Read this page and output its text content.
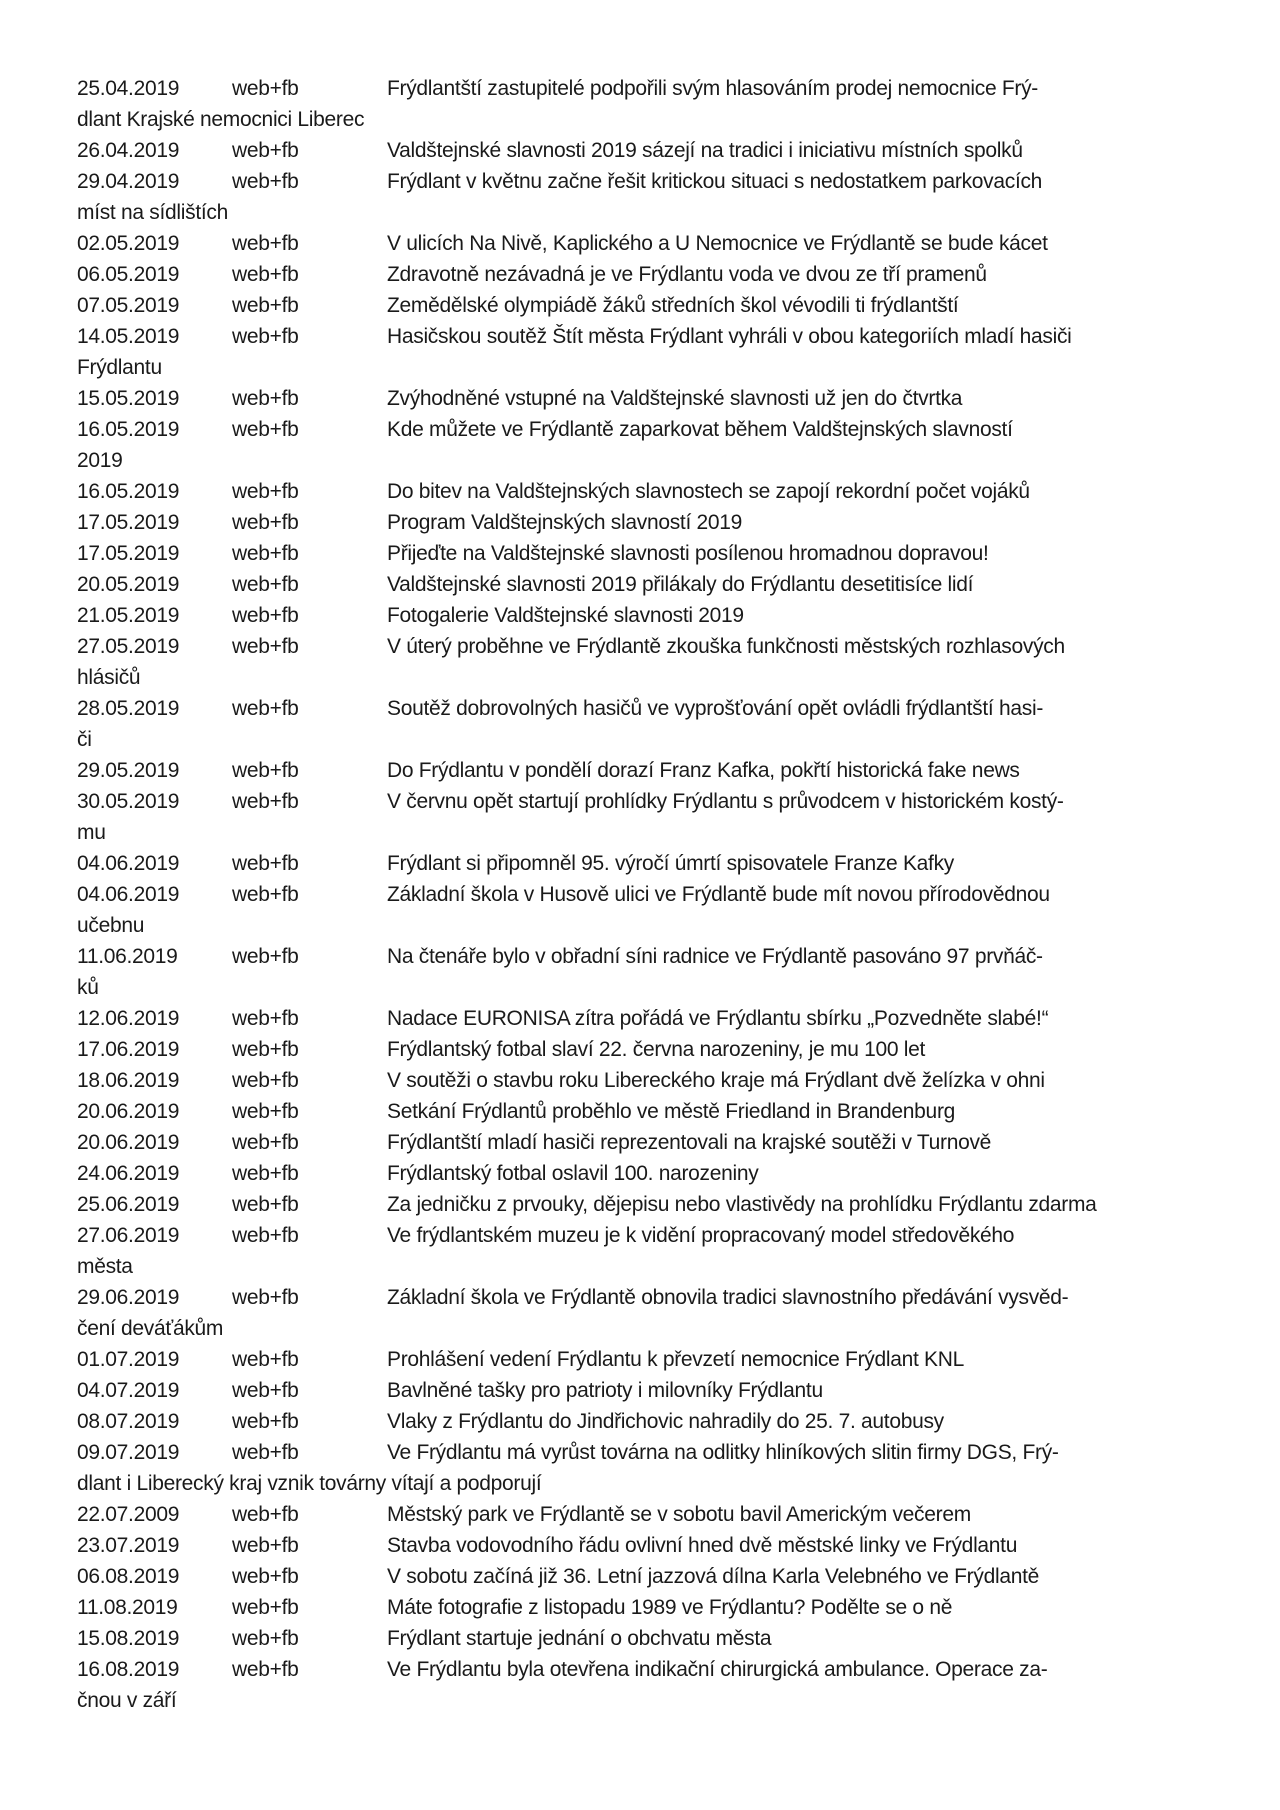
25.04.2019	web+fb	Frýdlantští zastupitelé podpořili svým hlasováním prodej nemocnice Frý-
dlant Krajské nemocnici Liberec
26.04.2019	web+fb	Valdštejnské slavnosti 2019 sázejí na tradici i iniciativu místních spolků
29.04.2019	web+fb	Frýdlant v květnu začne řešit kritickou situaci s nedostatkem parkovacích
míst na sídlištích
02.05.2019	web+fb	V ulicích Na Nivě, Kaplického a U Nemocnice ve Frýdlantě se bude kácet
06.05.2019	web+fb	Zdravotně nezávadná je ve Frýdlantu voda ve dvou ze tří pramenů
07.05.2019	web+fb	Zemědělské olympiádě žáků středních škol vévodili ti frýdlantští
14.05.2019	web+fb	Hasičskou soutěž Štít města Frýdlant vyhráli v obou kategoriích mladí hasiči
Frýdlantu
15.05.2019	web+fb	Zvýhodněné vstupné na Valdštejnské slavnosti už jen do čtvrtka
16.05.2019	web+fb	Kde můžete ve Frýdlantě zaparkovat během Valdštejnských slavností
2019
16.05.2019	web+fb	Do bitev na Valdštejnských slavnostech se zapojí rekordní počet vojáků
17.05.2019	web+fb	Program Valdštejnských slavností 2019
17.05.2019	web+fb	Přijeďte na Valdštejnské slavnosti posílenou hromadnou dopravou!
20.05.2019	web+fb	Valdštejnské slavnosti 2019 přilákaly do Frýdlantu desetitisíce lidí
21.05.2019	web+fb	Fotogalerie Valdštejnské slavnosti 2019
27.05.2019	web+fb	V úterý proběhne ve Frýdlantě zkouška funkčnosti městských rozhlasových
hlásičů
28.05.2019	web+fb	Soutěž dobrovolných hasičů ve vyprošťování opět ovládli frýdlantští hasi-
či
29.05.2019	web+fb	Do Frýdlantu v pondělí dorazí Franz Kafka, pokřtí historická fake news
30.05.2019	web+fb	V červnu opět startují prohlídky Frýdlantu s průvodcem v historickém kostý-
mu
04.06.2019	web+fb	Frýdlant si připomněl 95. výročí úmrtí spisovatele Franze Kafky
04.06.2019	web+fb	Základní škola v Husově ulici ve Frýdlantě bude mít novou přírodovědnou
učebnu
11.06.2019	web+fb	Na čtenáře bylo v obřadní síni radnice ve Frýdlantě pasováno 97 prvňáč-
ků
12.06.2019	web+fb	Nadace EURONISA zítra pořádá ve Frýdlantu sbírku „Pozvedněte slabé!“
17.06.2019	web+fb	Frýdlantský fotbal slaví 22. června narozeniny, je mu 100 let
18.06.2019	web+fb	V soutěži o stavbu roku Libereckého kraje má Frýdlant dvě želízka v ohni
20.06.2019	web+fb	Setkání Frýdlantů proběhlo ve městě Friedland in Brandenburg
20.06.2019	web+fb	Frýdlantští mladí hasiči reprezentovali na krajské soutěži v Turnově
24.06.2019	web+fb	Frýdlantský fotbal oslavil 100. narozeniny
25.06.2019	web+fb	Za jedničku z prvouky, dějepisu nebo vlastivědy na prohlídku Frýdlantu zdarma
27.06.2019	web+fb	Ve frýdlantském muzeu je k vidění propracovaný model středověkého
města
29.06.2019	web+fb	Základní škola ve Frýdlantě obnovila tradici slavnostního předávání vysvěd-
čení deváťákům
01.07.2019	web+fb	Prohlášení vedení Frýdlantu k převzetí nemocnice Frýdlant KNL
04.07.2019	web+fb	Bavlněné tašky pro patrioty i milovníky Frýdlantu
08.07.2019	web+fb	Vlaky z Frýdlantu do Jindřichovic nahradily do 25. 7. autobusy
09.07.2019	web+fb	Ve Frýdlantu má vyrůst továrna na odlitky hliníkových slitin firmy DGS, Frý-
dlant i Liberecký kraj vznik továrny vítají a podporují
22.07.2009	web+fb	Městský park ve Frýdlantě se v sobotu bavil Americkým večerem
23.07.2019	web+fb	Stavba vodovodního řádu ovlivní hned dvě městské linky ve Frýdlantu
06.08.2019	web+fb	V sobotu začíná již 36. Letní jazzová dílna Karla Velebného ve Frýdlantě
11.08.2019	web+fb	Máte fotografie z listopadu 1989 ve Frýdlantu? Podělte se o ně
15.08.2019	web+fb	Frýdlant startuje jednání o obchvatu města
16.08.2019	web+fb	Ve Frýdlantu byla otevřena indikační chirurgická ambulance. Operace za-
čnou v září
